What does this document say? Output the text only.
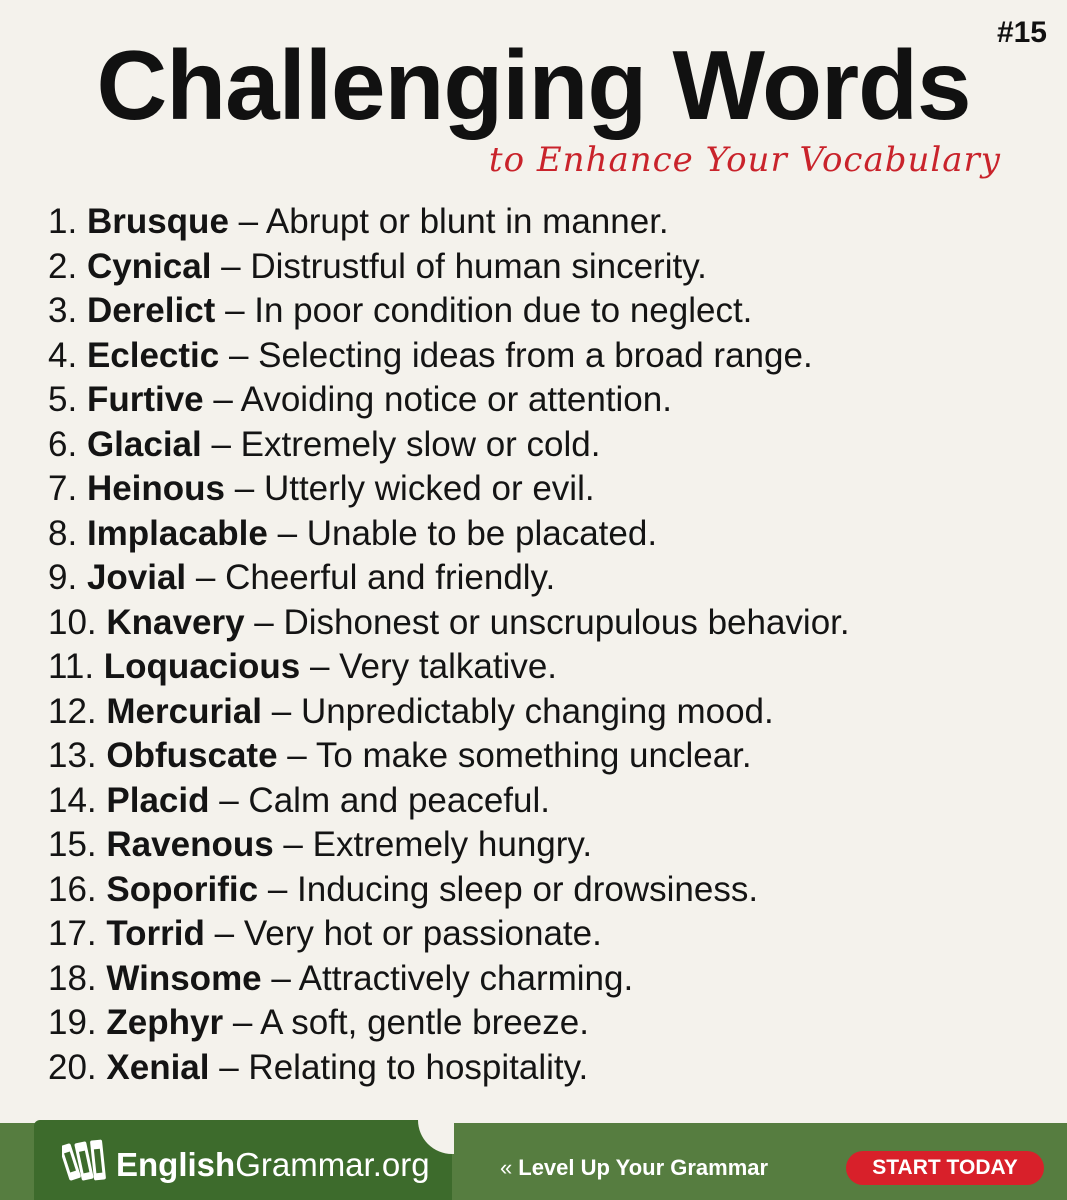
#15
Challenging Words
to Enhance Your Vocabulary
1. Brusque – Abrupt or blunt in manner.
2. Cynical – Distrustful of human sincerity.
3. Derelict – In poor condition due to neglect.
4. Eclectic – Selecting ideas from a broad range.
5. Furtive – Avoiding notice or attention.
6. Glacial – Extremely slow or cold.
7. Heinous – Utterly wicked or evil.
8. Implacable – Unable to be placated.
9. Jovial – Cheerful and friendly.
10. Knavery – Dishonest or unscrupulous behavior.
11. Loquacious – Very talkative.
12. Mercurial – Unpredictably changing mood.
13. Obfuscate – To make something unclear.
14. Placid – Calm and peaceful.
15. Ravenous – Extremely hungry.
16. Soporific – Inducing sleep or drowsiness.
17. Torrid – Very hot or passionate.
18. Winsome – Attractively charming.
19. Zephyr – A soft, gentle breeze.
20. Xenial – Relating to hospitality.
EnglishGrammar.org	« Level Up Your Grammar	START TODAY
